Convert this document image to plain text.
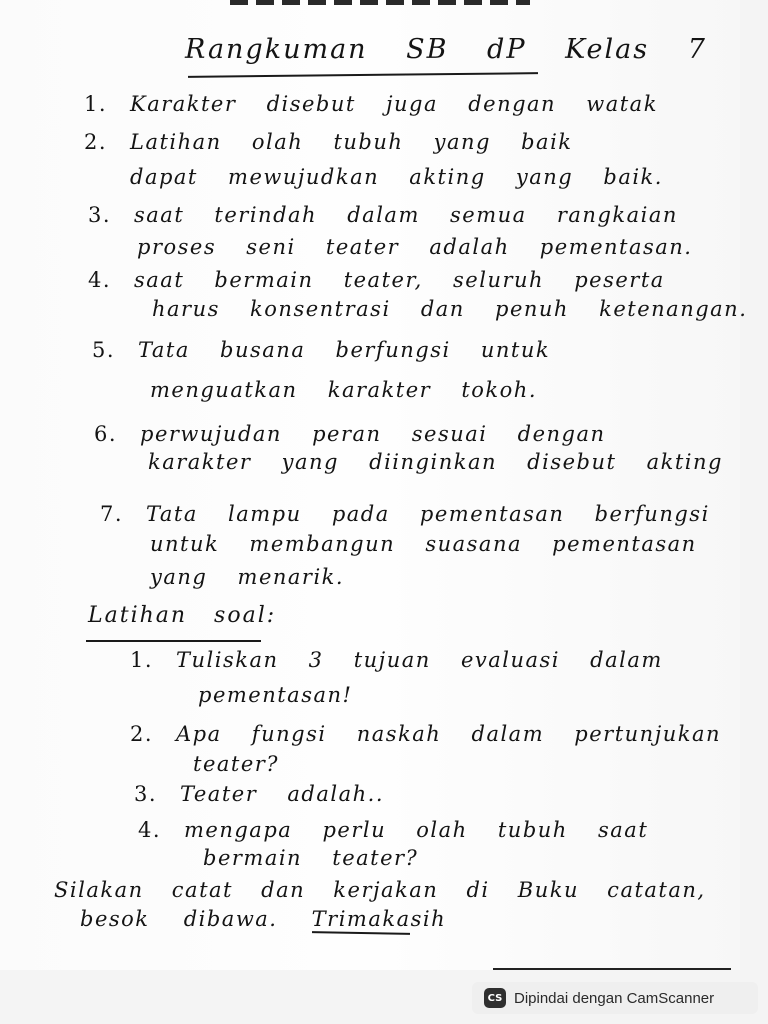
Rangkuman SB dP Kelas 7
1. Karakter disebut juga dengan watak
2. Latihan olah tubuh yang baik
dapat mewujudkan akting yang baik.
3. saat terindah dalam semua rangkaian
proses seni teater adalah pementasan.
4. saat bermain teater, seluruh peserta
harus konsentrasi dan penuh ketenangan.
5. Tata busana berfungsi untuk
menguatkan karakter tokoh.
6. perwujudan peran sesuai dengan
karakter yang diinginkan disebut akting
7. Tata lampu pada pementasan berfungsi
untuk membangun suasana pementasan
yang menarik.
Latihan soal:
1. Tuliskan 3 tujuan evaluasi dalam
pementasan!
2. Apa fungsi naskah dalam pertunjukan
teater?
3. Teater adalah..
4. mengapa perlu olah tubuh saat
bermain teater?
Silakan catat dan kerjakan di Buku catatan,
besok dibawa. Trimakasih
CS Dipindai dengan CamScanner
